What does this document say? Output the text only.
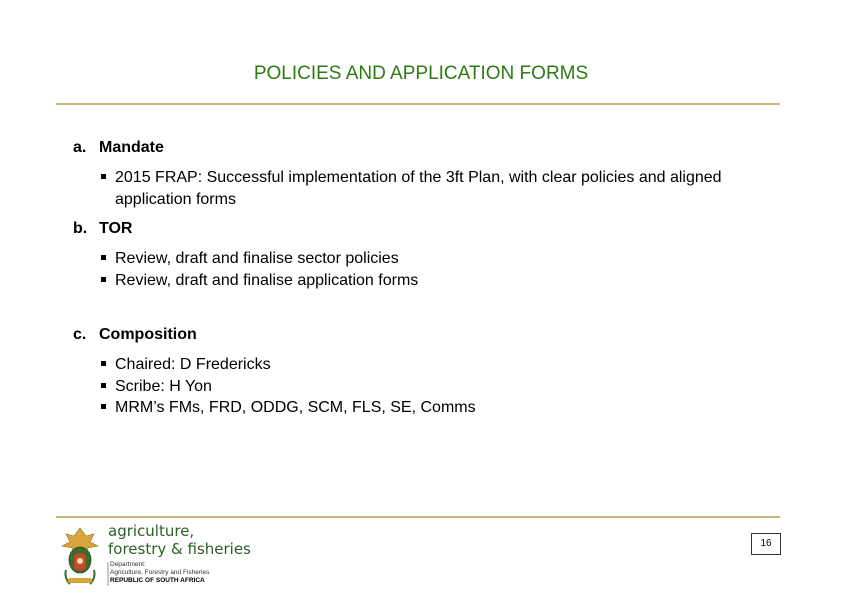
POLICIES AND APPLICATION FORMS
a. Mandate
2015 FRAP: Successful implementation of the 3ft Plan, with clear policies and aligned application forms
b. TOR
Review, draft and finalise sector policies
Review, draft and finalise application forms
c. Composition
Chaired: D Fredericks
Scribe: H Yon
MRM’s FMs, FRD, ODDG, SCM, FLS, SE, Comms
agriculture,
forestry & fisheries
Department:
Agriculture, Forestry and Fisheries
REPUBLIC OF SOUTH AFRICA
16
